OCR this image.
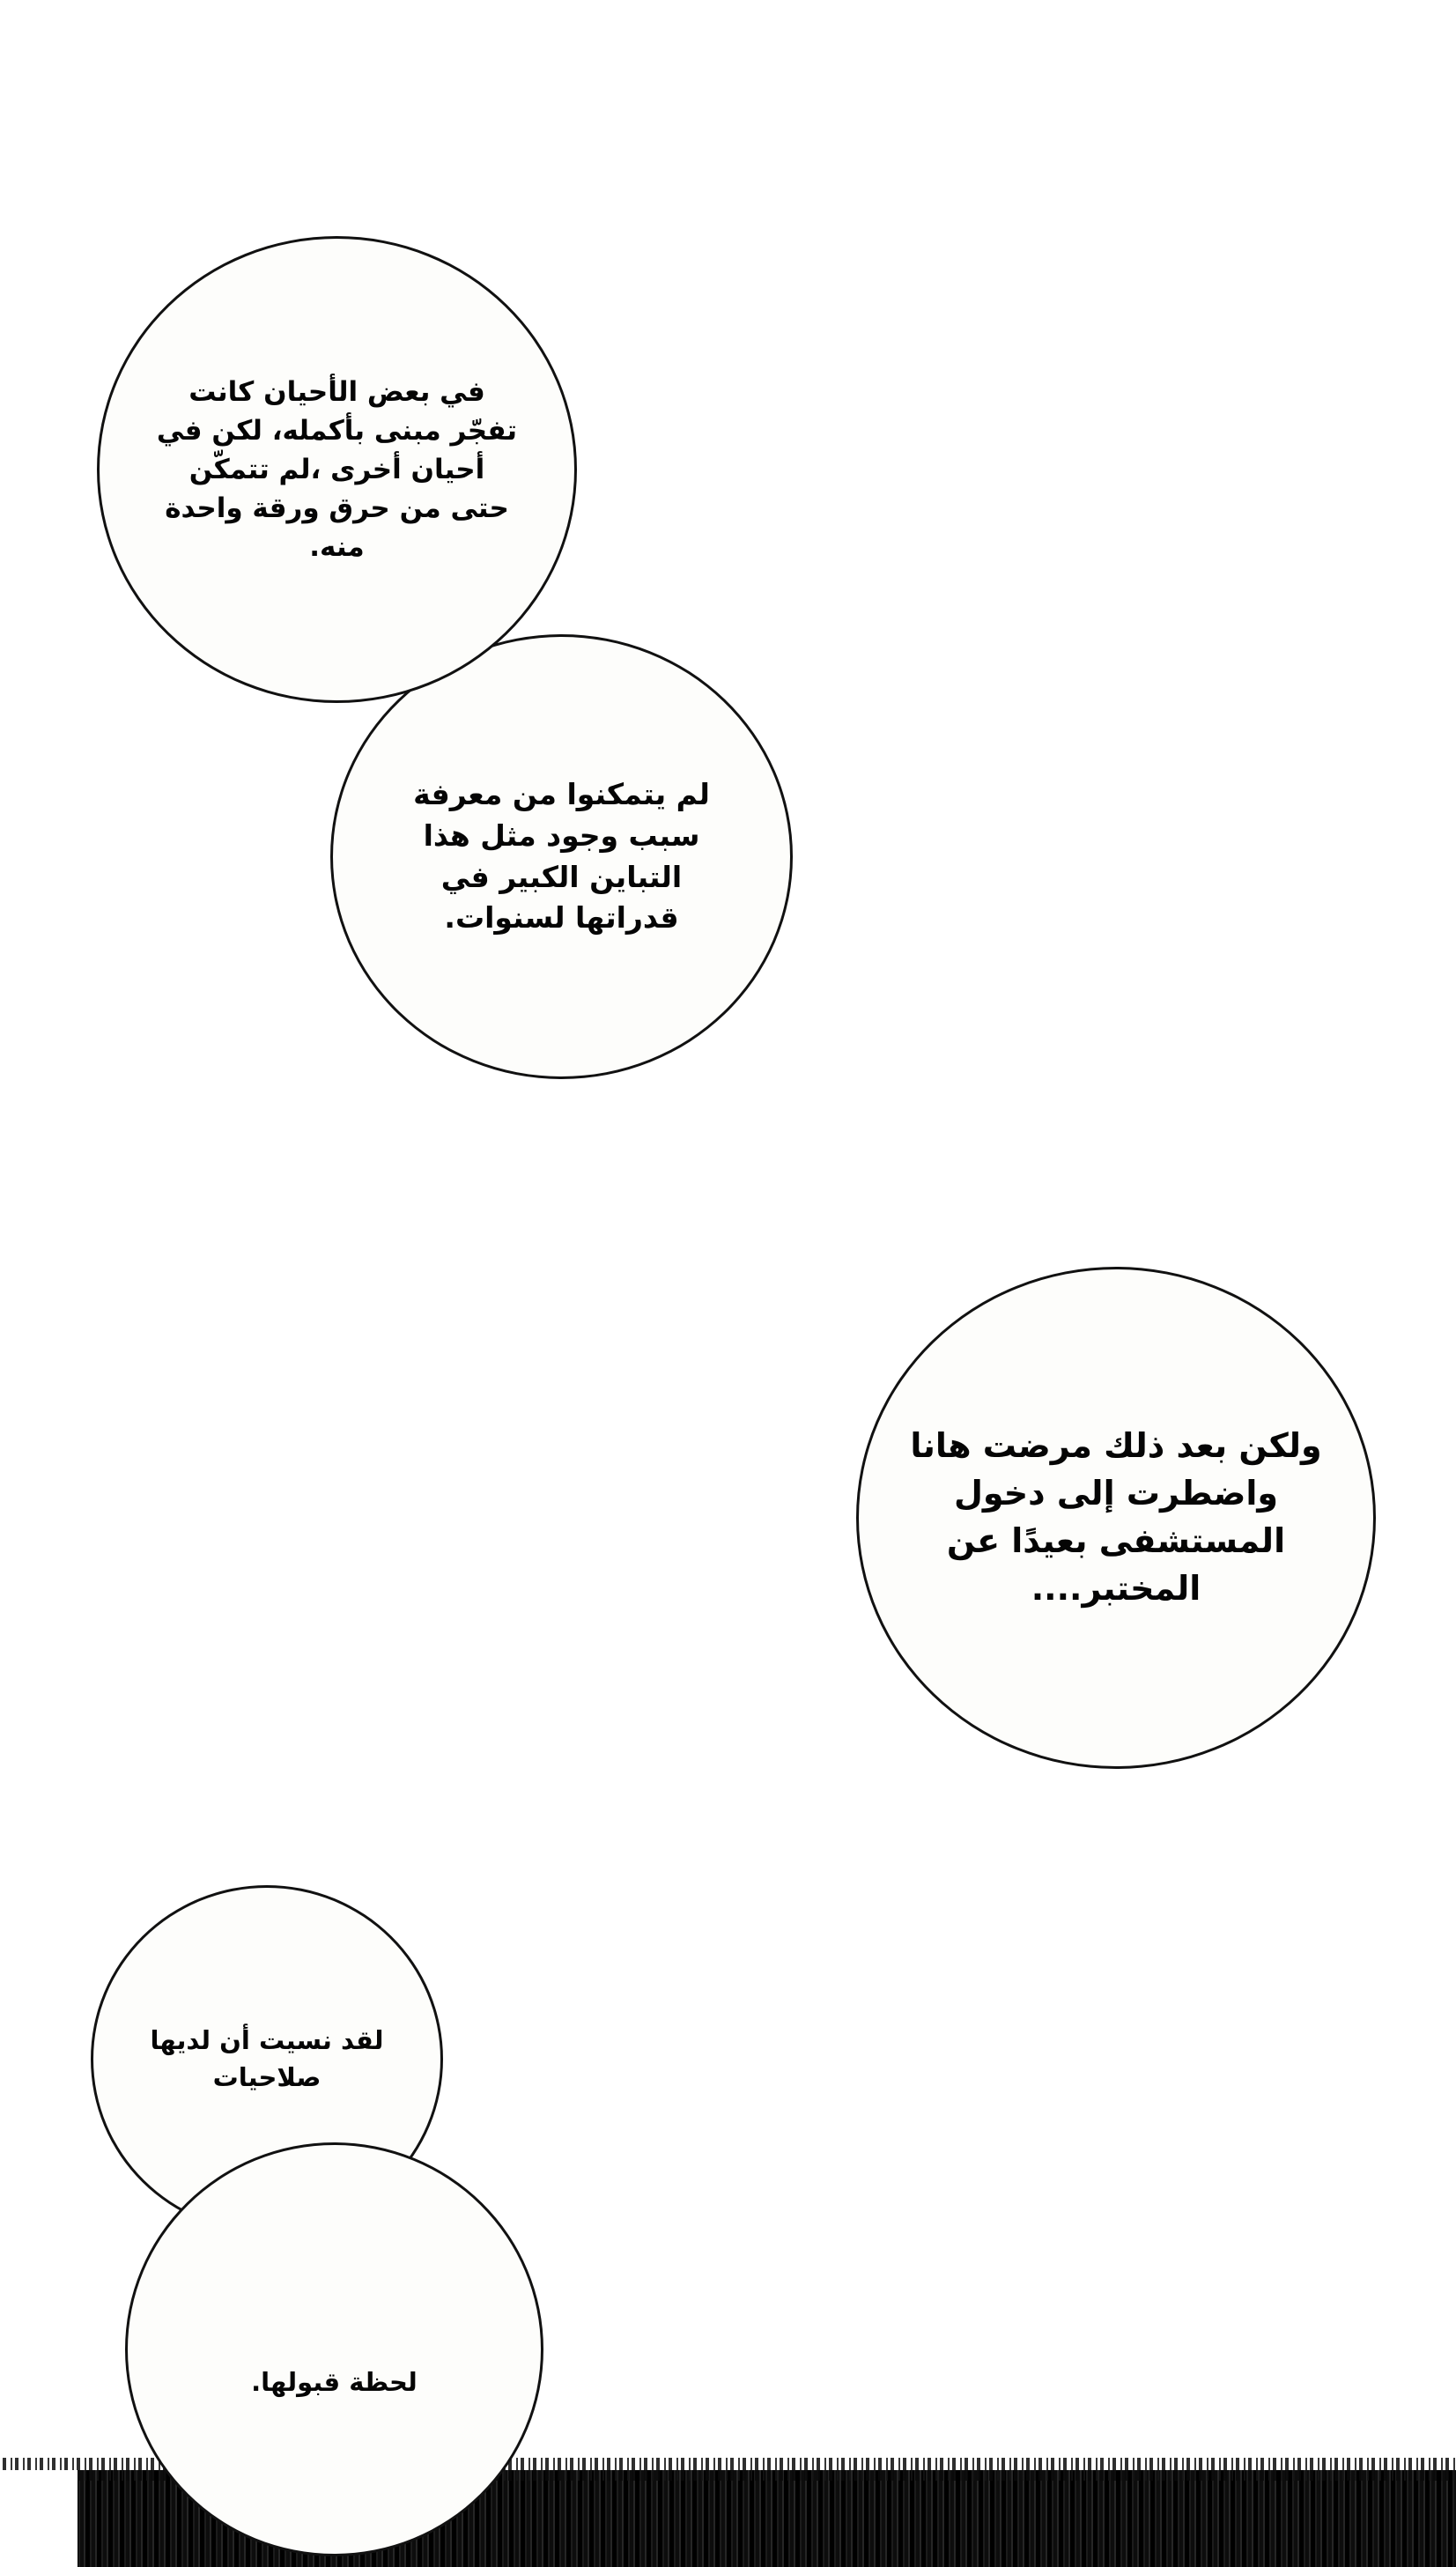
في بعض الأحيان كانت تفجّر مبنى بأكمله، لكن في أحيان أخرى ،لم تتمكّن حتى من حرق ورقة واحدة منه.
لم يتمكنوا من معرفة سبب وجود مثل هذا التباين الكبير في قدراتها لسنوات.
ولكن بعد ذلك مرضت هانا واضطرت إلى دخول المستشفى بعيدًا عن المختبر....
لقد نسيت أن لديها صلاحيات
لحظة قبولها.
